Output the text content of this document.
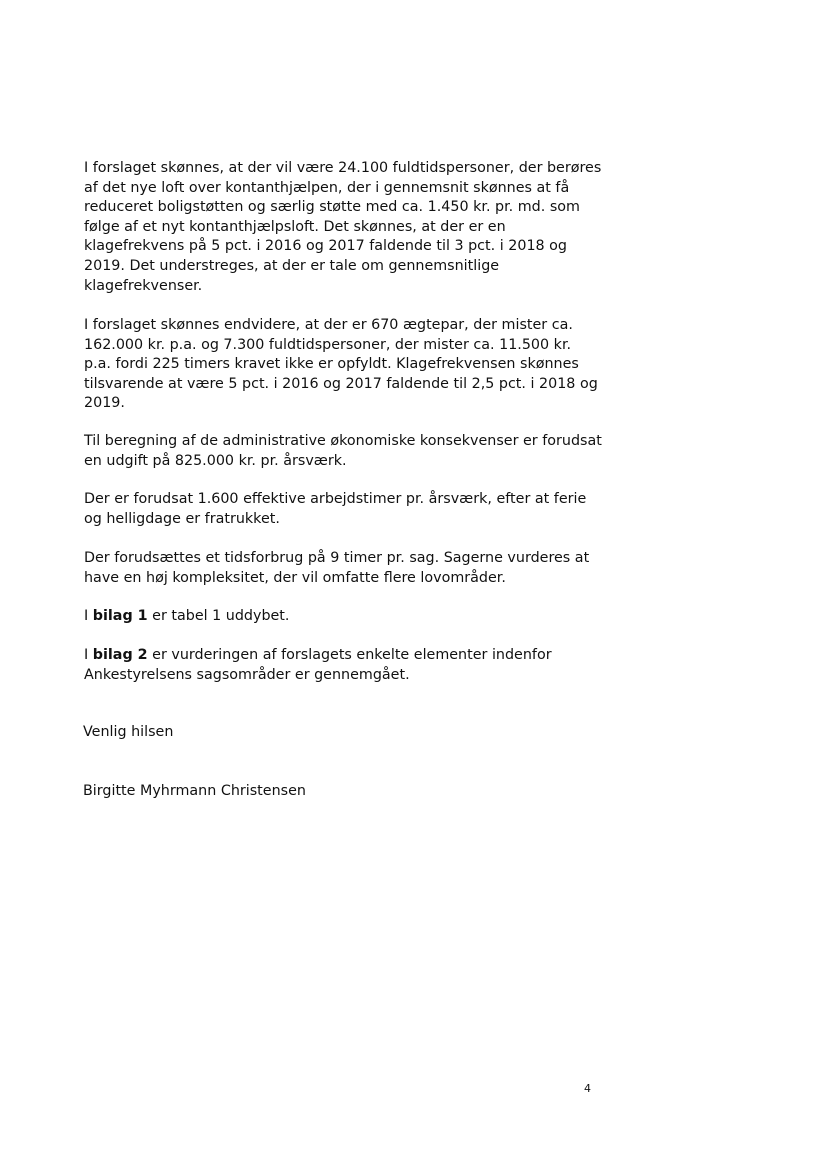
I forslaget skønnes, at der vil være 24.100 fuldtidspersoner, der berøres
af det nye loft over kontanthjælpen, der i gennemsnit skønnes at få
reduceret boligstøtten og særlig støtte med ca. 1.450 kr. pr. md. som
følge af et nyt kontanthjælpsloft. Det skønnes, at der er en
klagefrekvens på 5 pct. i 2016 og 2017 faldende til 3 pct. i 2018 og
2019. Det understreges, at der er tale om gennemsnitlige
klagefrekvenser.

I forslaget skønnes endvidere, at der er 670 ægtepar, der mister ca.
162.000 kr. p.a. og 7.300 fuldtidspersoner, der mister ca. 11.500 kr.
p.a. fordi 225 timers kravet ikke er opfyldt. Klagefrekvensen skønnes
tilsvarende at være 5 pct. i 2016 og 2017 faldende til 2,5 pct. i 2018 og
2019.

Til beregning af de administrative økonomiske konsekvenser er forudsat
en udgift på 825.000 kr. pr. årsværk.

Der er forudsat 1.600 effektive arbejdstimer pr. årsværk, efter at ferie
og helligdage er fratrukket.

Der forudsættes et tidsforbrug på 9 timer pr. sag. Sagerne vurderes at
have en høj kompleksitet, der vil omfatte flere lovområder.

I bilag 1 er tabel 1 uddybet.

I bilag 2 er vurderingen af forslagets enkelte elementer indenfor
Ankestyrelsens sagsområder er gennemgået.

Venlig hilsen

Birgitte Myhrmann Christensen

4
